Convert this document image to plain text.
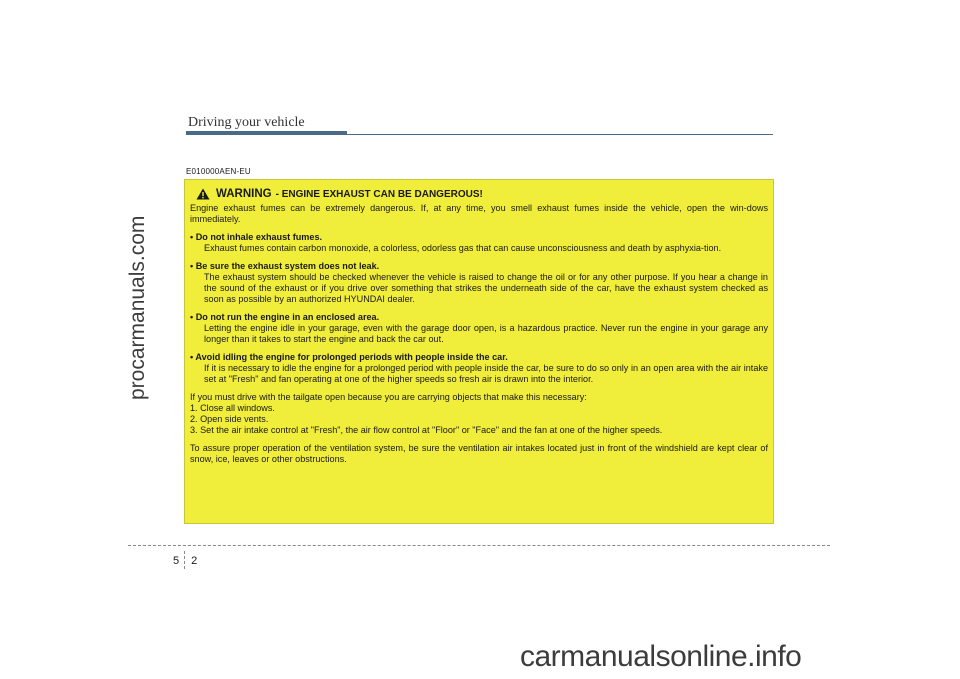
procarmanuals.com
Driving your vehicle
E010000AEN-EU
WARNING - ENGINE EXHAUST CAN BE DANGEROUS!

Engine exhaust fumes can be extremely dangerous. If, at any time, you smell exhaust fumes inside the vehicle, open the win-dows immediately.

• Do not inhale exhaust fumes.

Exhaust fumes contain carbon monoxide, a colorless, odorless gas that can cause unconsciousness and death by asphyxia-tion.

• Be sure the exhaust system does not leak.

The exhaust system should be checked whenever the vehicle is raised to change the oil or for any other purpose. If you hear a change in the sound of the exhaust or if you drive over something that strikes the underneath side of the car, have the exhaust system checked as soon as possible by an authorized HYUNDAI dealer.

• Do not run the engine in an enclosed area.

Letting the engine idle in your garage, even with the garage door open, is a hazardous practice. Never run the engine in your garage any longer than it takes to start the engine and back the car out.

• Avoid idling the engine for prolonged periods with people inside the car.

If it is necessary to idle the engine for a prolonged period with people inside the car, be sure to do so only in an open area with the air intake set at "Fresh" and fan operating at one of the higher speeds so fresh air is drawn into the interior.

If you must drive with the tailgate open because you are carrying objects that make this necessary:
1. Close all windows.
2. Open side vents.
3. Set the air intake control at "Fresh", the air flow control at "Floor" or "Face" and the fan at one of the higher speeds.

To assure proper operation of the ventilation system, be sure the ventilation air intakes located just in front of the windshield are kept clear of snow, ice, leaves or other obstructions.

5 2
carmanualsonline.info
